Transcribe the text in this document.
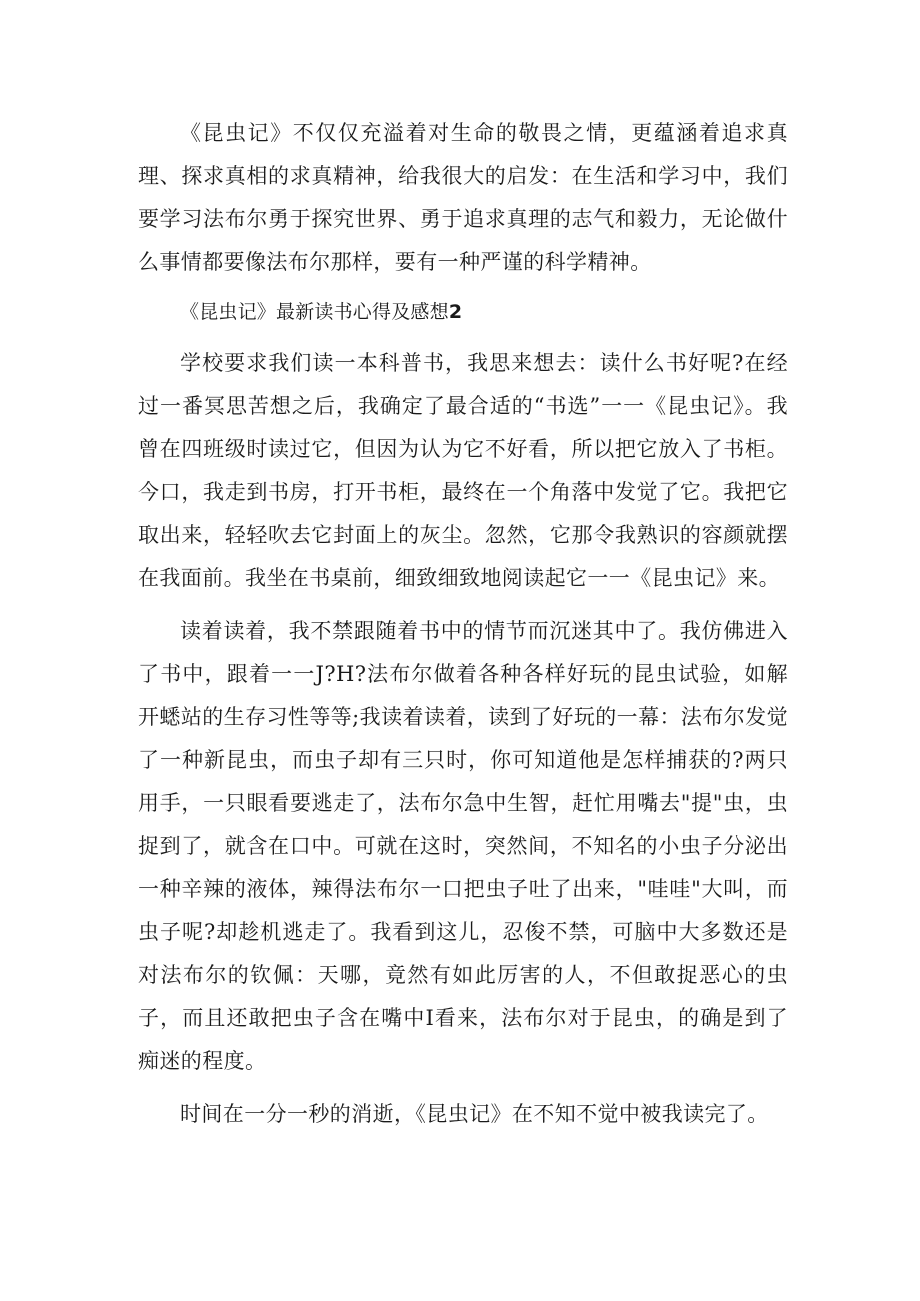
《昆虫记》不仅仅充溢着对生命的敬畏之情，更蕴涵着追求真理、探求真相的求真精神，给我很大的启发：在生活和学习中，我们要学习法布尔勇于探究世界、勇于追求真理的志气和毅力，无论做什么事情都要像法布尔那样，要有一种严谨的科学精神。

《昆虫记》最新读书心得及感想2

学校要求我们读一本科普书，我思来想去：读什么书好呢?在经过一番冥思苦想之后，我确定了最合适的“书选”一一《昆虫记》。我曾在四班级时读过它，但因为认为它不好看，所以把它放入了书柜。今口，我走到书房，打开书柜，最终在一个角落中发觉了它。我把它取出来，轻轻吹去它封面上的灰尘。忽然，它那令我熟识的容颜就摆在我面前。我坐在书桌前，细致细致地阅读起它一一《昆虫记》来。

读着读着，我不禁跟随着书中的情节而沉迷其中了。我仿佛进入了书中，跟着一一J?H?法布尔做着各种各样好玩的昆虫试验，如解开蟋站的生存习性等等;我读着读着，读到了好玩的一幕：法布尔发觉了一种新昆虫，而虫子却有三只时，你可知道他是怎样捕获的?两只用手，一只眼看要逃走了，法布尔急中生智，赶忙用嘴去"提"虫，虫捉到了，就含在口中。可就在这时，突然间，不知名的小虫子分泌出一种辛辣的液体，辣得法布尔一口把虫子吐了出来，"哇哇"大叫，而虫子呢?却趁机逃走了。我看到这儿，忍俊不禁，可脑中大多数还是对法布尔的钦佩：天哪，竟然有如此厉害的人，不但敢捉恶心的虫子，而且还敢把虫子含在嘴中I看来，法布尔对于昆虫，的确是到了痴迷的程度。

时间在一分一秒的消逝，《昆虫记》在不知不觉中被我读完了。
